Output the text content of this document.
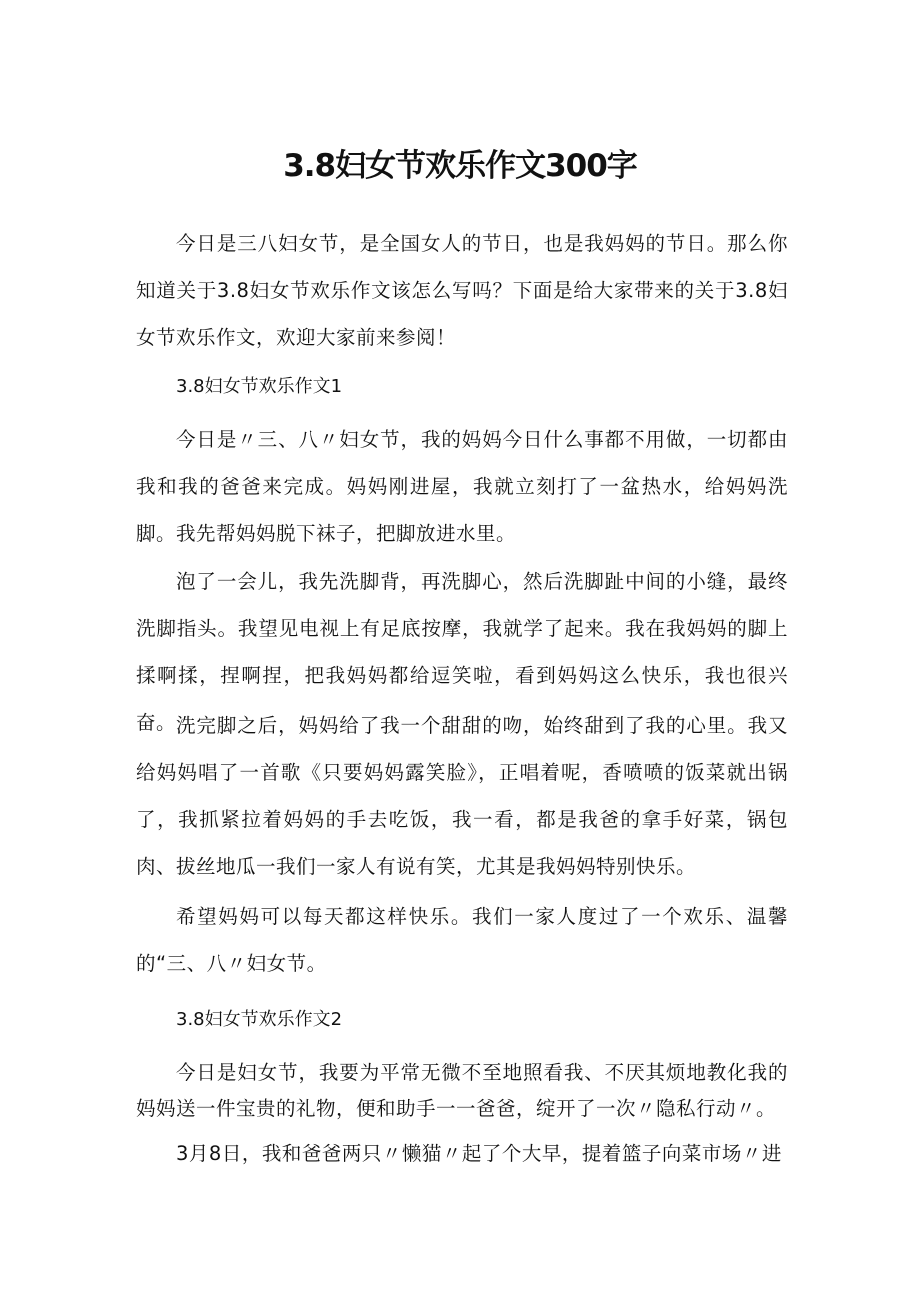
3.8妇女节欢乐作文300字

今日是三八妇女节，是全国女人的节日，也是我妈妈的节日。那么你知道关于3.8妇女节欢乐作文该怎么写吗？下面是给大家带来的关于3.8妇女节欢乐作文，欢迎大家前来参阅！

3.8妇女节欢乐作文1

今日是〃三、八〃妇女节，我的妈妈今日什么事都不用做，一切都由我和我的爸爸来完成。妈妈刚进屋，我就立刻打了一盆热水，给妈妈洗脚。我先帮妈妈脱下袜子，把脚放进水里。

泡了一会儿，我先洗脚背，再洗脚心，然后洗脚趾中间的小缝，最终洗脚指头。我望见电视上有足底按摩，我就学了起来。我在我妈妈的脚上揉啊揉，捏啊捏，把我妈妈都给逗笑啦，看到妈妈这么快乐，我也很兴奋。 洗完脚之后，妈妈给了我一个甜甜的吻，始终甜到了我的心里。我又给妈妈唱了一首歌《只要妈妈露笑脸》，正唱着呢，香喷喷的饭菜就出锅了，我抓紧拉着妈妈的手去吃饭，我一看，都是我爸的拿手好菜，锅包肉、拔丝地瓜一我们一家人有说有笑，尤其是我妈妈特别快乐。

希望妈妈可以每天都这样快乐。我们一家人度过了一个欢乐、温馨的“三、八〃妇女节。

3.8妇女节欢乐作文2

今日是妇女节，我要为平常无微不至地照看我、不厌其烦地教化我的妈妈送一件宝贵的礼物，便和助手一一爸爸，绽开了一次〃隐私行动〃。

3月8日，我和爸爸两只〃懒猫〃起了个大早，提着篮子向菜市场〃进
